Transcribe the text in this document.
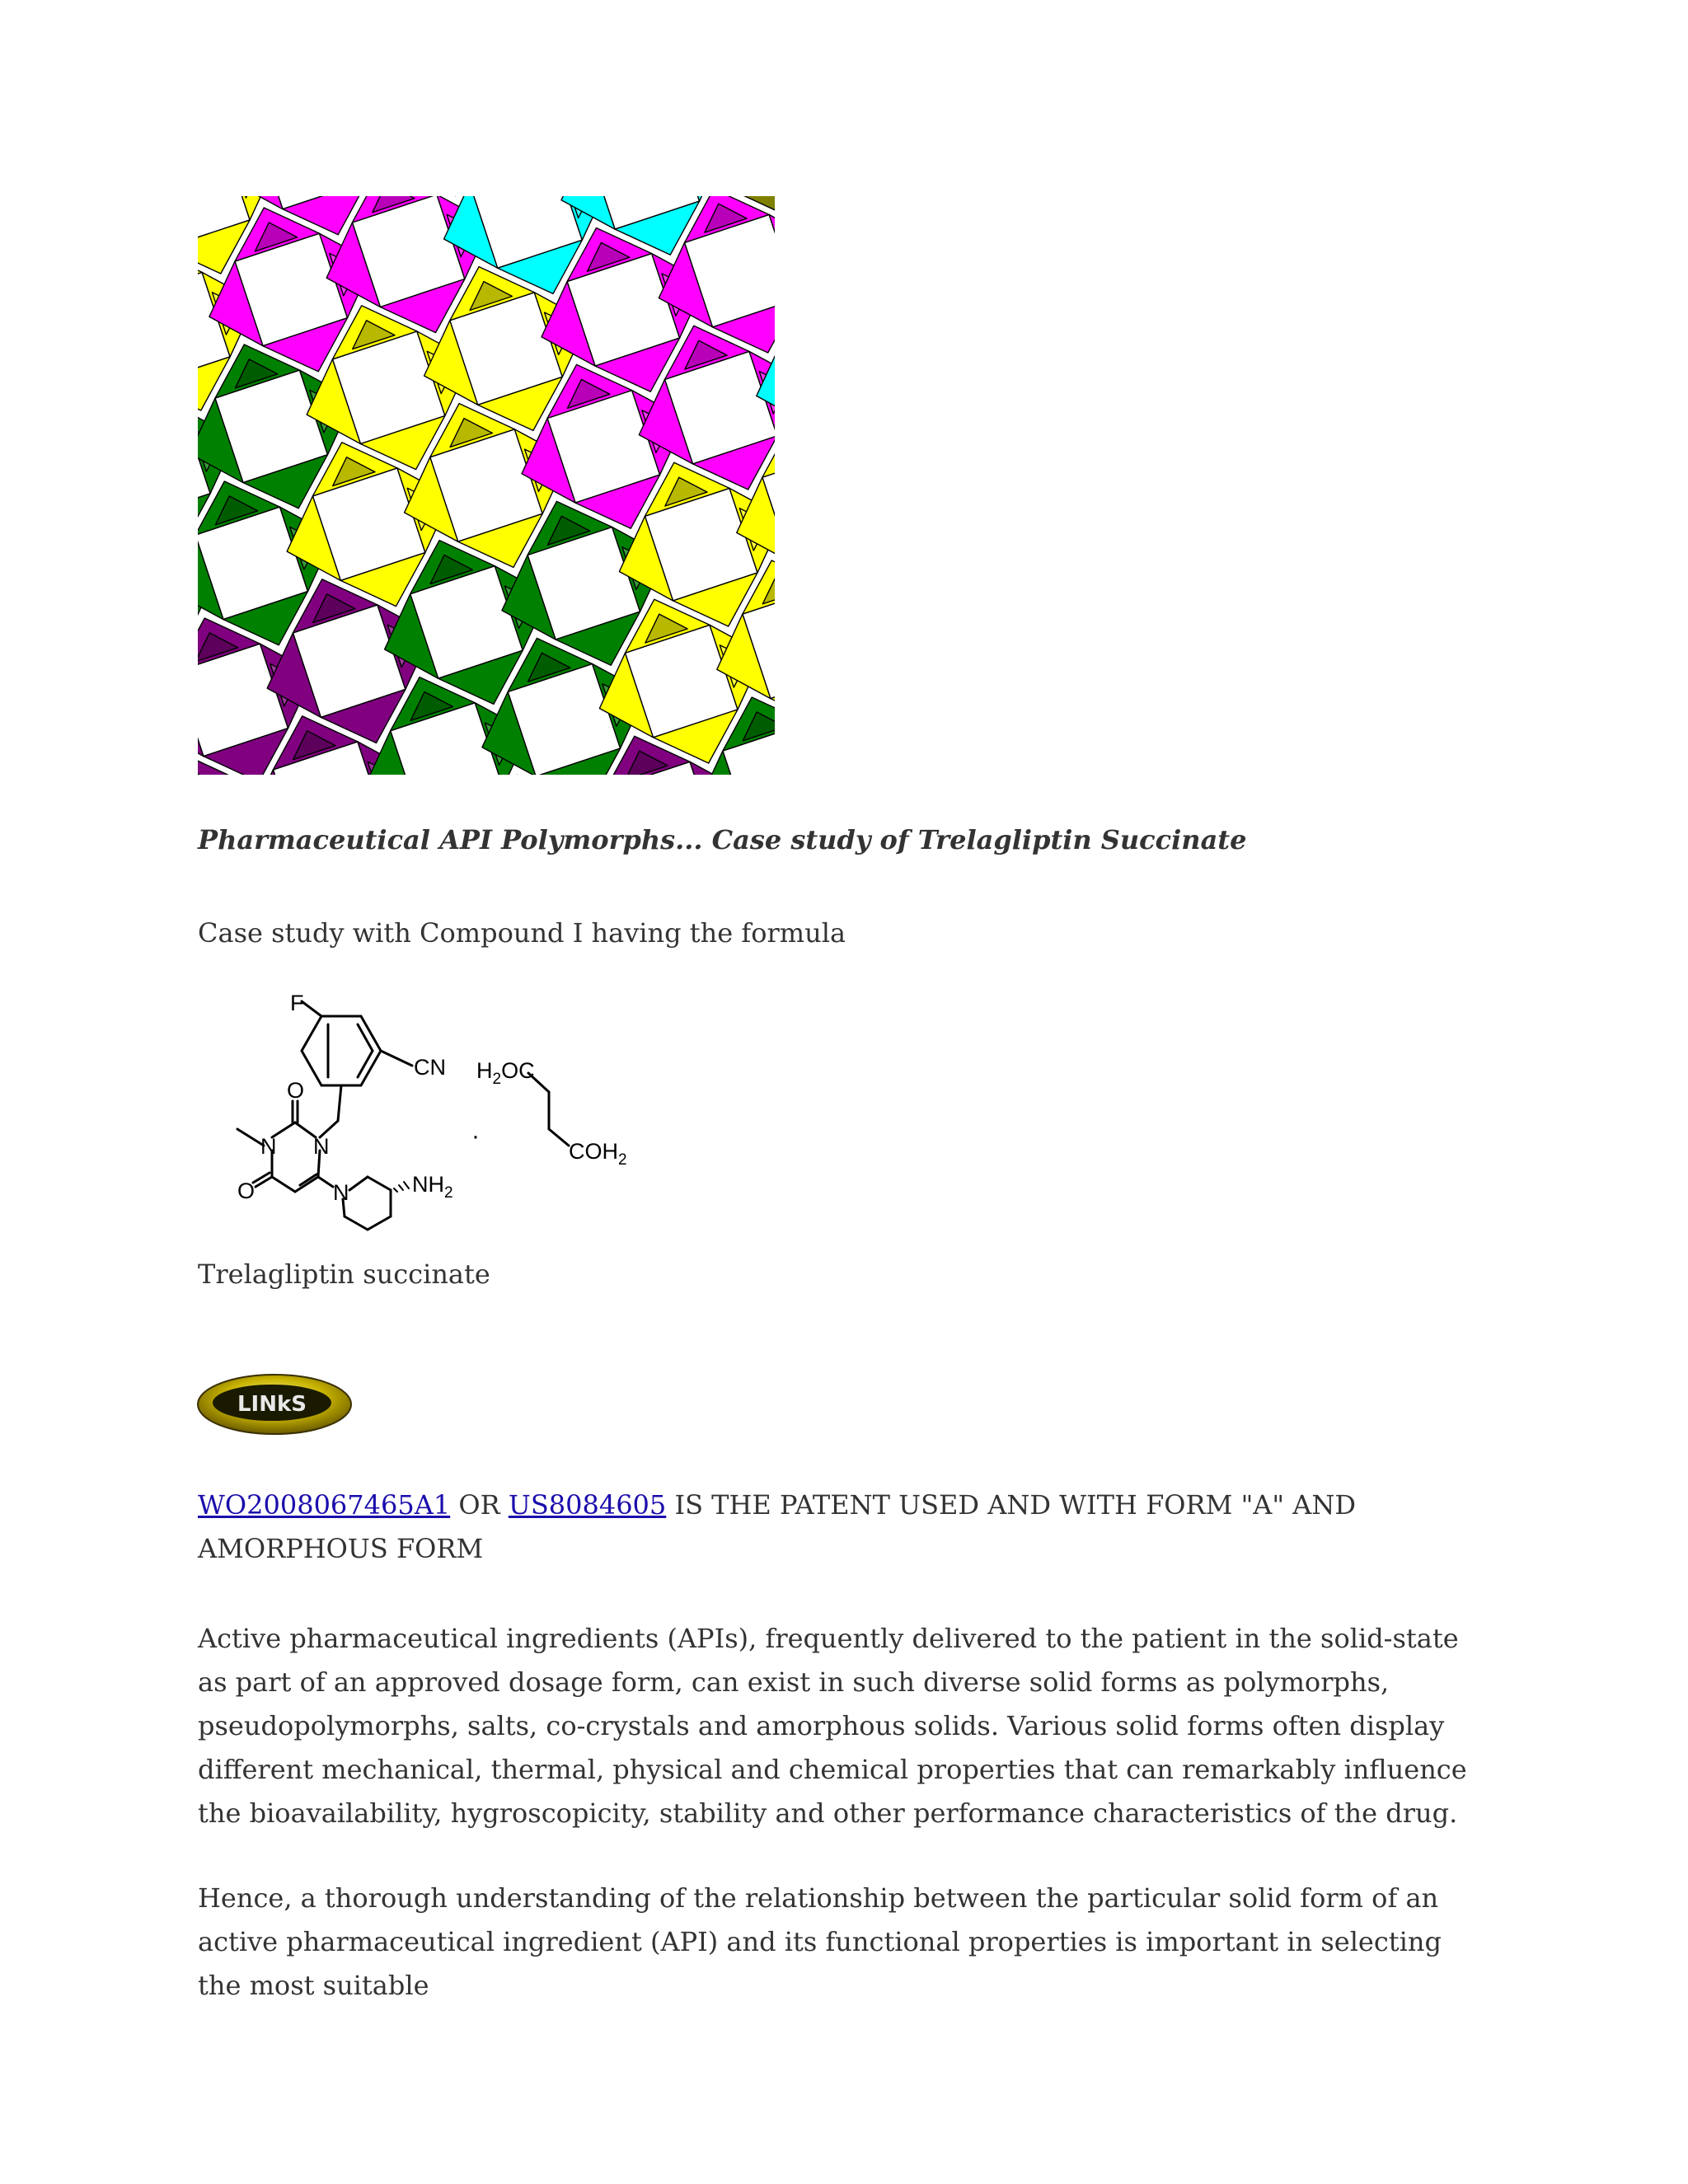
Pharmaceutical API Polymorphs... Case study of Trelagliptin Succinate

Case study with Compound I having the formula

F
CN
O
O
N N
N	$NH_2$
·
$H_2OC$
$COH_2$

Trelagliptin succinate

LINkS

WO2008067465A1 OR US8084605 IS THE PATENT USED AND WITH FORM "A" AND AMORPHOUS FORM

Active pharmaceutical ingredients (APIs), frequently delivered to the patient in the solid-state as part of an approved dosage form, can exist in such diverse solid forms as polymorphs, pseudopolymorphs, salts, co-crystals and amorphous solids. Various solid forms often display different mechanical, thermal, physical and chemical properties that can remarkably influence the bioavailability, hygroscopicity, stability and other performance characteristics of the drug.

Hence, a thorough understanding of the relationship between the particular solid form of an active pharmaceutical ingredient (API) and its functional properties is important in selecting the most suitable
